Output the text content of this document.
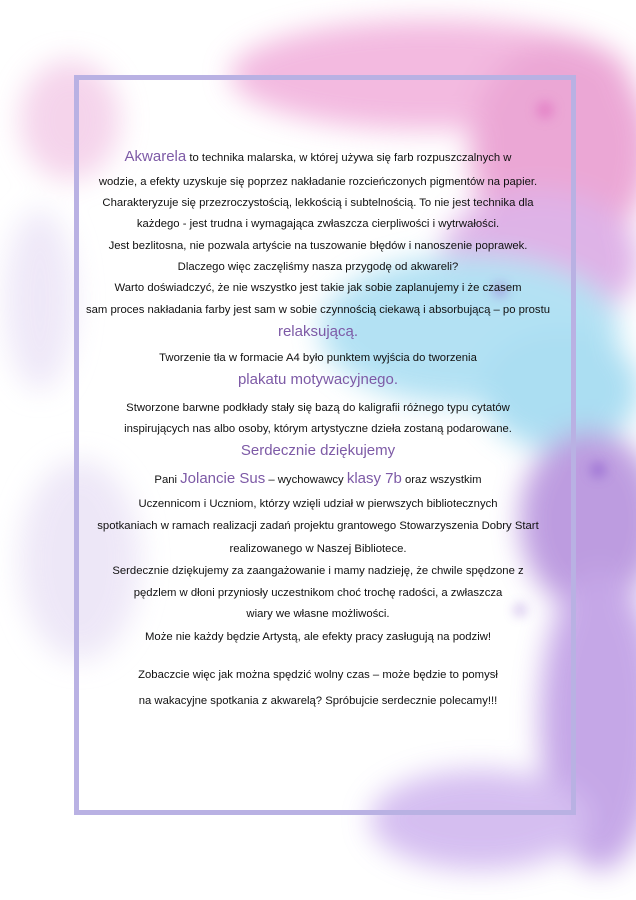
Akwarela to technika malarska, w której używa się farb rozpuszczalnych w
wodzie, a efekty uzyskuje się poprzez nakładanie rozcieńczonych pigmentów na papier.
Charakteryzuje się przezroczystością, lekkością i subtelnością. To nie jest technika dla
każdego - jest trudna i wymagająca zwłaszcza cierpliwości i wytrwałości.
Jest bezlitosna, nie pozwala artyście na tuszowanie błędów i nanoszenie poprawek.
Dlaczego więc zaczęliśmy nasza przygodę od akwareli?
Warto doświadczyć, że nie wszystko jest takie jak sobie zaplanujemy i że czasem
sam proces nakładania farby jest sam w sobie czynnością ciekawą i absorbującą – po prostu
relaksującą.
Tworzenie tła w formacie A4 było punktem wyjścia do tworzenia
plakatu motywacyjnego.
Stworzone barwne podkłady stały się bazą do kaligrafii różnego typu cytatów
inspirujących nas albo osoby, którym artystyczne dzieła zostaną podarowane.
Serdecznie dziękujemy
Pani Jolancie Sus – wychowawcy klasy 7b oraz wszystkim
Uczennicom i Uczniom, którzy wzięli udział w pierwszych bibliotecznych
spotkaniach w ramach realizacji zadań projektu grantowego Stowarzyszenia Dobry Start
realizowanego w Naszej Bibliotece.
Serdecznie dziękujemy za zaangażowanie i mamy nadzieję, że chwile spędzone z
pędzlem w dłoni przyniosły uczestnikom choć trochę radości, a zwłaszcza
wiary we własne możliwości.
Może nie każdy będzie Artystą, ale efekty pracy zasługują na podziw!
Zobaczcie więc jak można spędzić wolny czas – może będzie to pomysł
na wakacyjne spotkania z akwarelą? Spróbujcie serdecznie polecamy!!!
